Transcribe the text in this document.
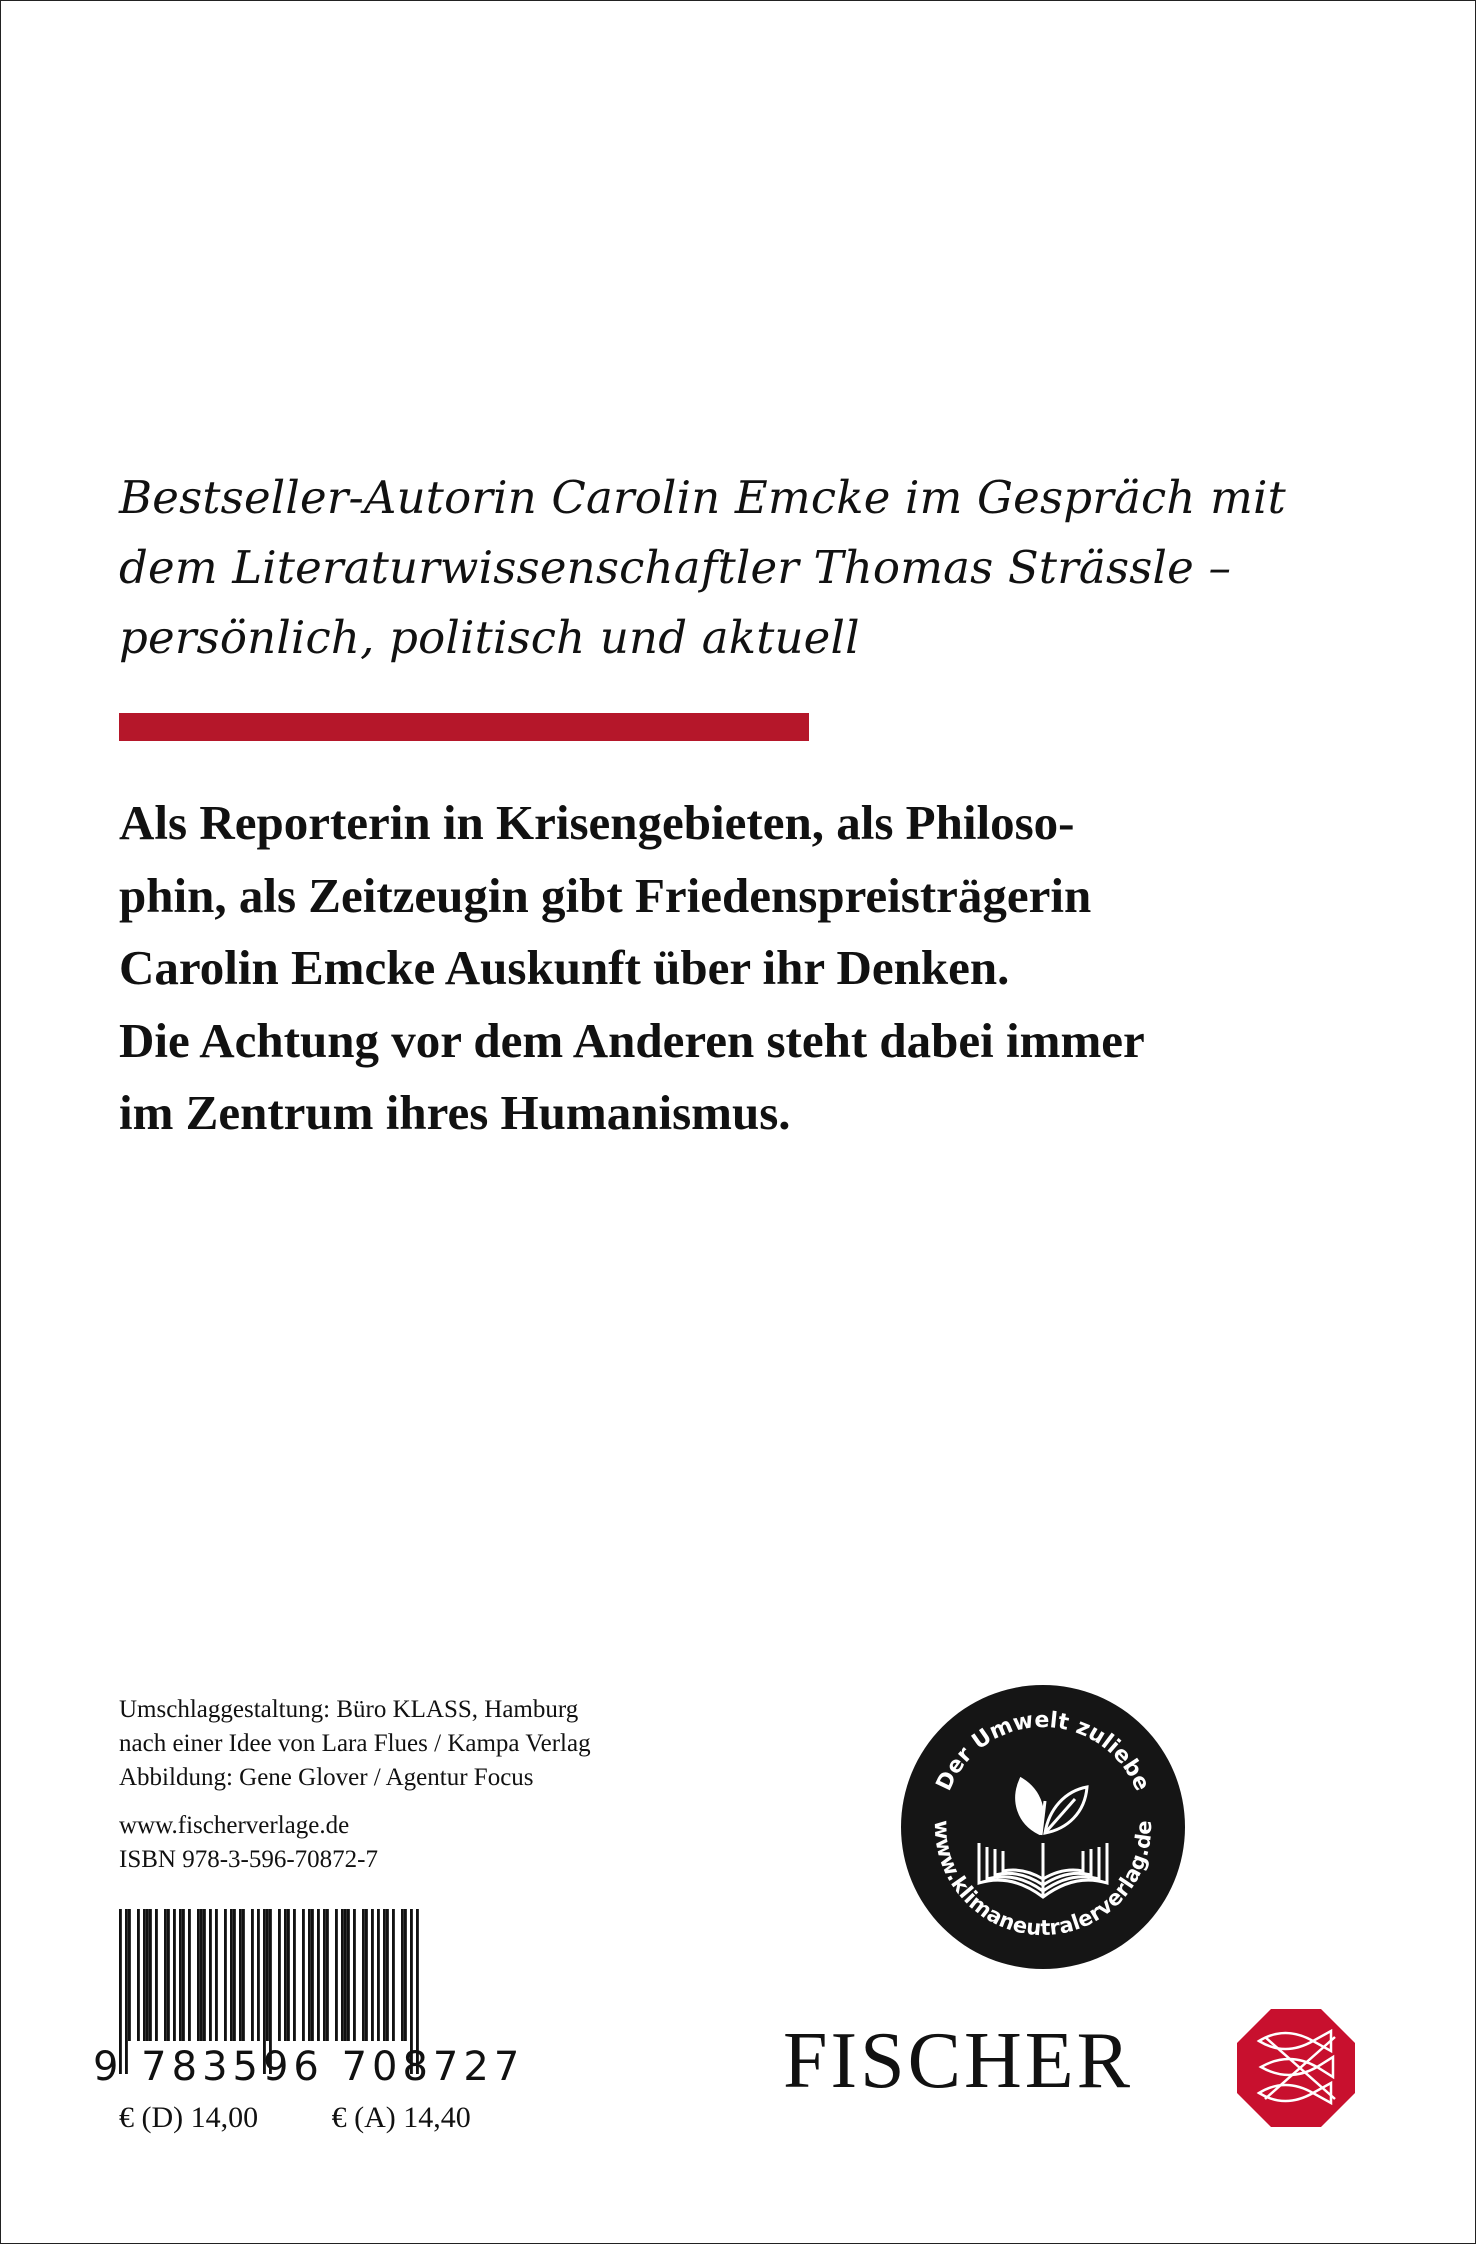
Bestseller-Autorin Carolin Emcke im Gespräch mit
dem Literaturwissenschaftler Thomas Strässle –
persönlich, politisch und aktuell
Als Reporterin in Krisengebieten, als Philoso-
phin, als Zeitzeugin gibt Friedenspreisträgerin
Carolin Emcke Auskunft über ihr Denken.
Die Achtung vor dem Anderen steht dabei immer
im Zentrum ihres Humanismus.
Umschlaggestaltung: Büro KLASS, Hamburg
nach einer Idee von Lara Flues / Kampa Verlag
Abbildung: Gene Glover / Agentur Focus
www.fischerverlage.de
ISBN 978-3-596-70872-7
9 783596 708727
€ (D) 14,00 € (A) 14,40
Der Umwelt zuliebe
www.klimaneutralerverlag.de
FISCHER
